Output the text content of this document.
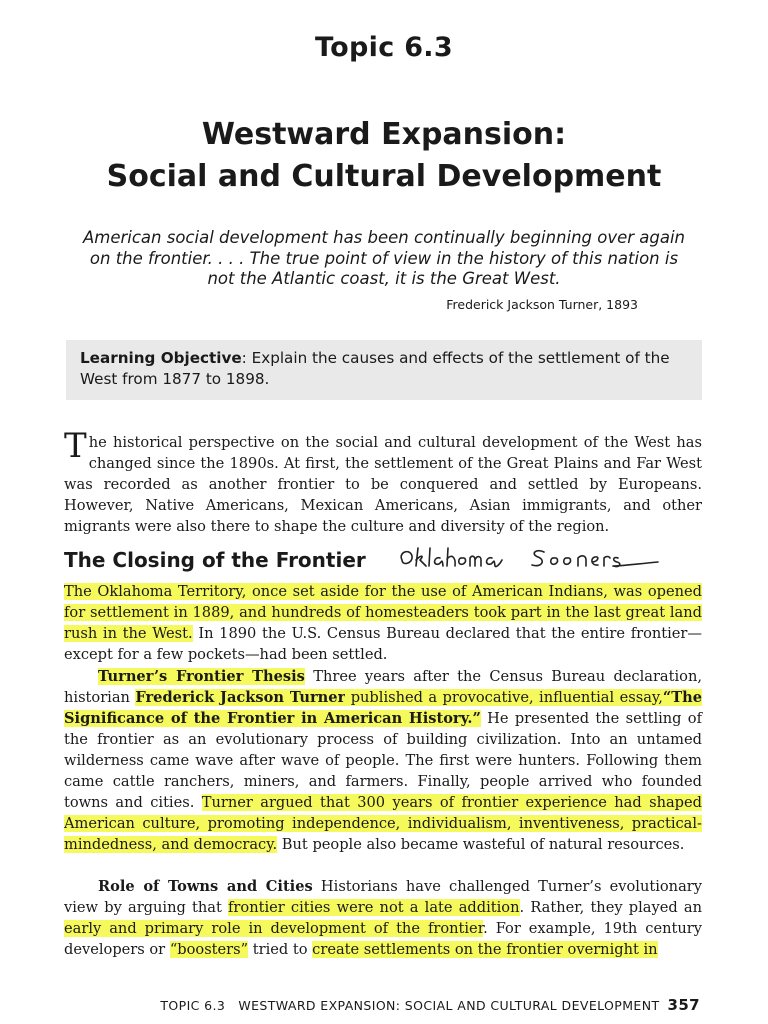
Topic 6.3
Westward Expansion:
Social and Cultural Development
American social development has been continually beginning over again on the frontier. . . . The true point of view in the history of this nation is not the Atlantic coast, it is the Great West.
Frederick Jackson Turner, 1893
Learning Objective: Explain the causes and effects of the settlement of the West from 1877 to 1898.
The historical perspective on the social and cultural development of the West has changed since the 1890s. At first, the settlement of the Great Plains and Far West was recorded as another frontier to be conquered and settled by Europeans. However, Native Americans, Mexican Americans, Asian immigrants, and other migrants were also there to shape the culture and diversity of the region.
The Closing of the Frontier
The Oklahoma Territory, once set aside for the use of American Indians, was opened for settlement in 1889, and hundreds of homesteaders took part in the last great land rush in the West. In 1890 the U.S. Census Bureau declared that the entire frontier—except for a few pockets—had been settled.
Turner’s Frontier Thesis Three years after the Census Bureau declaration, historian Frederick Jackson Turner published a provocative, influential essay,“The Significance of the Frontier in American History.” He presented the settling of the frontier as an evolutionary process of building civilization. Into an untamed wilderness came wave after wave of people. The first were hunters. Following them came cattle ranchers, miners, and farmers. Finally, people arrived who founded towns and cities. Turner argued that 300 years of frontier experience had shaped American culture, promoting independence, individualism, inventiveness, practical-mindedness, and democracy. But people also became wasteful of natural resources.
Role of Towns and Cities Historians have challenged Turner’s evolutionary view by arguing that frontier cities were not a late addition. Rather, they played an early and primary role in development of the frontier. For example, 19th century developers or “boosters” tried to create settlements on the frontier overnight in
TOPIC 6.3   WESTWARD EXPANSION: SOCIAL AND CULTURAL DEVELOPMENT 357
